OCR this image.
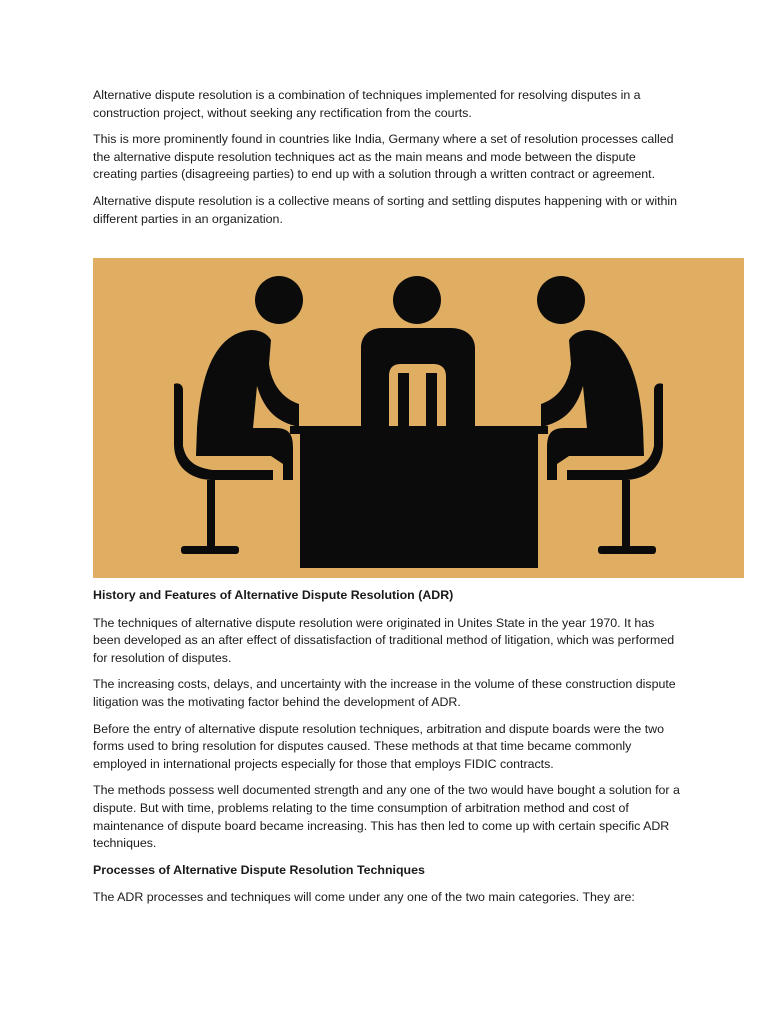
Alternative dispute resolution is a combination of techniques implemented for resolving disputes in a construction project, without seeking any rectification from the courts.

This is more prominently found in countries like India, Germany where a set of resolution processes called the alternative dispute resolution techniques act as the main means and mode between the dispute creating parties (disagreeing parties) to end up with a solution through a written contract or agreement.

Alternative dispute resolution is a collective means of sorting and settling disputes happening with or within different parties in an organization.

History and Features of Alternative Dispute Resolution (ADR)

The techniques of alternative dispute resolution were originated in Unites State in the year 1970. It has been developed as an after effect of dissatisfaction of traditional method of litigation, which was performed for resolution of disputes.

The increasing costs, delays, and uncertainty with the increase in the volume of these construction dispute litigation was the motivating factor behind the development of ADR.

Before the entry of alternative dispute resolution techniques, arbitration and dispute boards were the two forms used to bring resolution for disputes caused. These methods at that time became commonly employed in international projects especially for those that employs FIDIC contracts.

The methods possess well documented strength and any one of the two would have bought a solution for a dispute. But with time, problems relating to the time consumption of arbitration method and cost of maintenance of dispute board became increasing. This has then led to come up with certain specific ADR techniques.

Processes of Alternative Dispute Resolution Techniques

The ADR processes and techniques will come under any one of the two main categories. They are:
